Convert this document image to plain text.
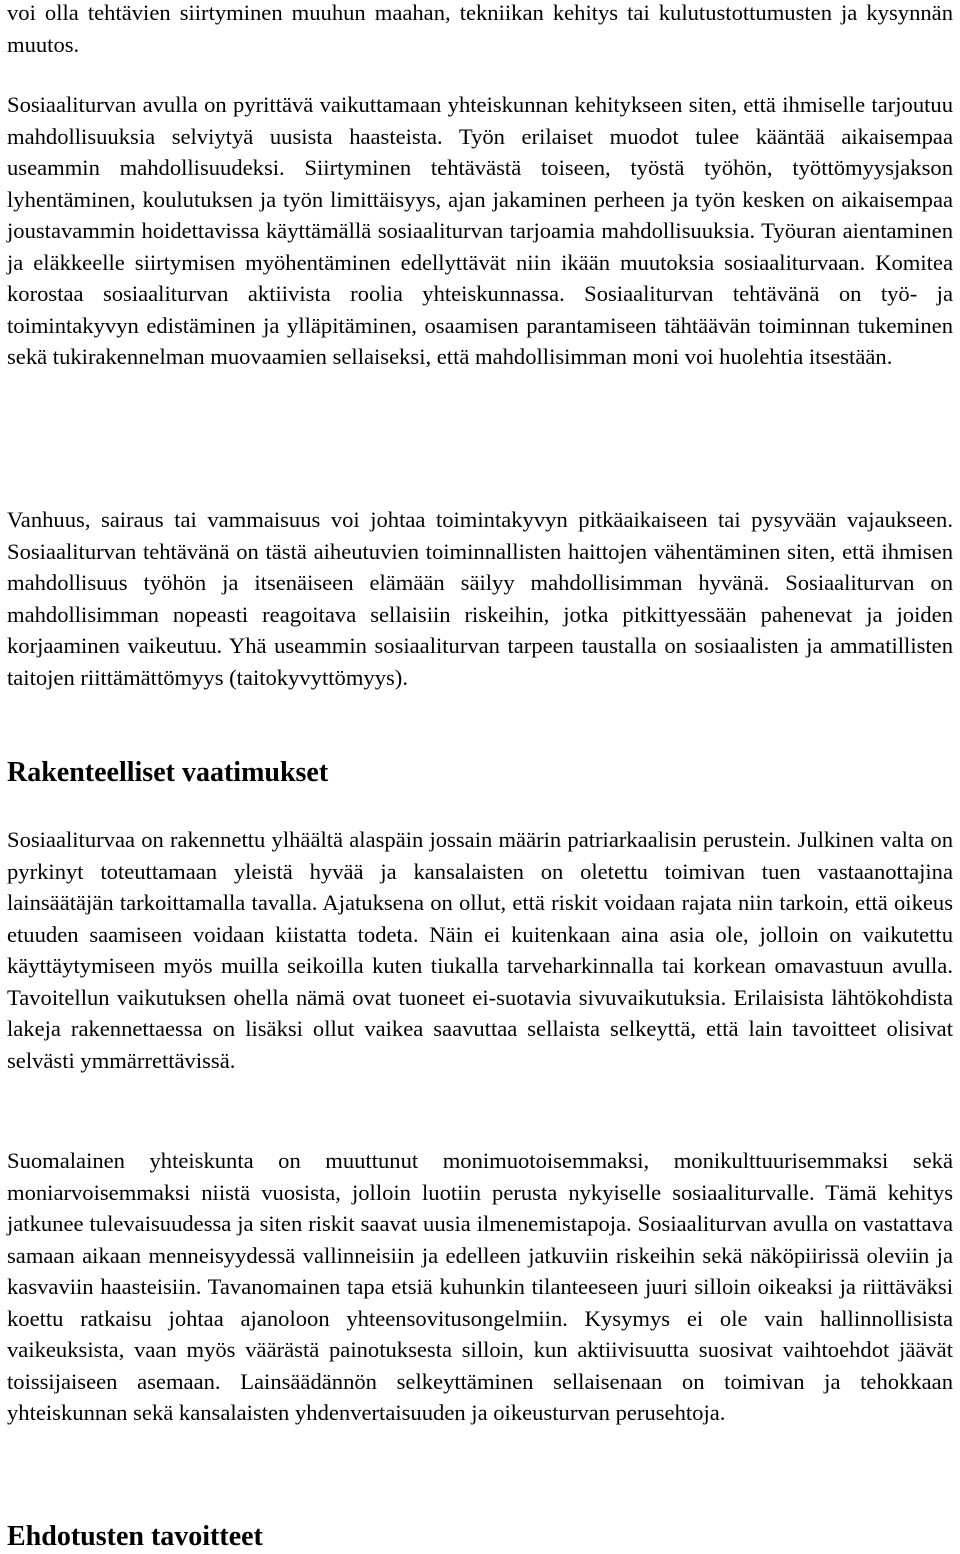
voi olla tehtävien siirtyminen muuhun maahan, tekniikan kehitys tai kulutustottumusten ja kysynnän muutos.

Sosiaaliturvan avulla on pyrittävä vaikuttamaan yhteiskunnan kehitykseen siten, että ihmiselle tarjoutuu mahdollisuuksia selviytyä uusista haasteista. Työn erilaiset muodot tulee kääntää aikaisempaa useammin mahdollisuudeksi. Siirtyminen tehtävästä toiseen, työstä työhön, työttömyysjakson lyhentäminen, koulutuksen ja työn limittäisyys, ajan jakaminen perheen ja työn kesken on aikaisempaa joustavammin hoidettavissa käyttämällä sosiaaliturvan tarjoamia mahdollisuuksia. Työuran aientaminen ja eläkkeelle siirtymisen myöhentäminen edellyttävät niin ikään muutoksia sosiaaliturvaan. Komitea korostaa sosiaaliturvan aktiivista roolia yhteiskunnassa. Sosiaaliturvan tehtävänä on työ- ja toimintakyvyn edistäminen ja ylläpitäminen, osaamisen parantamiseen tähtäävän toiminnan tukeminen sekä tukirakennelman muovaamien sellaiseksi, että mahdollisimman moni voi huolehtia itsestään.

Vanhuus, sairaus tai vammaisuus voi johtaa toimintakyvyn pitkäaikaiseen tai pysyvään vajaukseen. Sosiaaliturvan tehtävänä on tästä aiheutuvien toiminnallisten haittojen vähentäminen siten, että ihmisen mahdollisuus työhön ja itsenäiseen elämään säilyy mahdollisimman hyvänä. Sosiaaliturvan on mahdollisimman nopeasti reagoitava sellaisiin riskeihin, jotka pitkittyessään pahenevat ja joiden korjaaminen vaikeutuu. Yhä useammin sosiaaliturvan tarpeen taustalla on sosiaalisten ja ammatillisten taitojen riittämättömyys (taitokyvyttömyys).

Rakenteelliset vaatimukset

Sosiaaliturvaa on rakennettu ylhäältä alaspäin jossain määrin patriarkaalisin perustein. Julkinen valta on pyrkinyt toteuttamaan yleistä hyvää ja kansalaisten on oletettu toimivan tuen vastaanottajina lainsäätäjän tarkoittamalla tavalla. Ajatuksena on ollut, että riskit voidaan rajata niin tarkoin, että oikeus etuuden saamiseen voidaan kiistatta todeta. Näin ei kuitenkaan aina asia ole, jolloin on vaikutettu käyttäytymiseen myös muilla seikoilla kuten tiukalla tarveharkinnalla tai korkean omavastuun avulla. Tavoitellun vaikutuksen ohella nämä ovat tuoneet ei-suotavia sivuvaikutuksia. Erilaisista lähtökohdista lakeja rakennettaessa on lisäksi ollut vaikea saavuttaa sellaista selkeyttä, että lain tavoitteet olisivat selvästi ymmärrettävissä.

Suomalainen yhteiskunta on muuttunut monimuotoisemmaksi, monikulttuurisemmaksi sekä moniarvoisemmaksi niistä vuosista, jolloin luotiin perusta nykyiselle sosiaaliturvalle. Tämä kehitys jatkunee tulevaisuudessa ja siten riskit saavat uusia ilmenemistapoja. Sosiaaliturvan avulla on vastattava samaan aikaan menneisyydessä vallinneisiin ja edelleen jatkuviin riskeihin sekä näköpiirissä oleviin ja kasvaviin haasteisiin. Tavanomainen tapa etsiä kuhunkin tilanteeseen juuri silloin oikeaksi ja riittäväksi koettu ratkaisu johtaa ajanoloon yhteensovitusongelmiin. Kysymys ei ole vain hallinnollisista vaikeuksista, vaan myös väärästä painotuksesta silloin, kun aktiivisuutta suosivat vaihtoehdot jäävät toissijaiseen asemaan. Lainsäädännön selkeyttäminen sellaisenaan on toimivan ja tehokkaan yhteiskunnan sekä kansalaisten yhdenvertaisuuden ja oikeusturvan perusehtoja.

Ehdotusten tavoitteet
